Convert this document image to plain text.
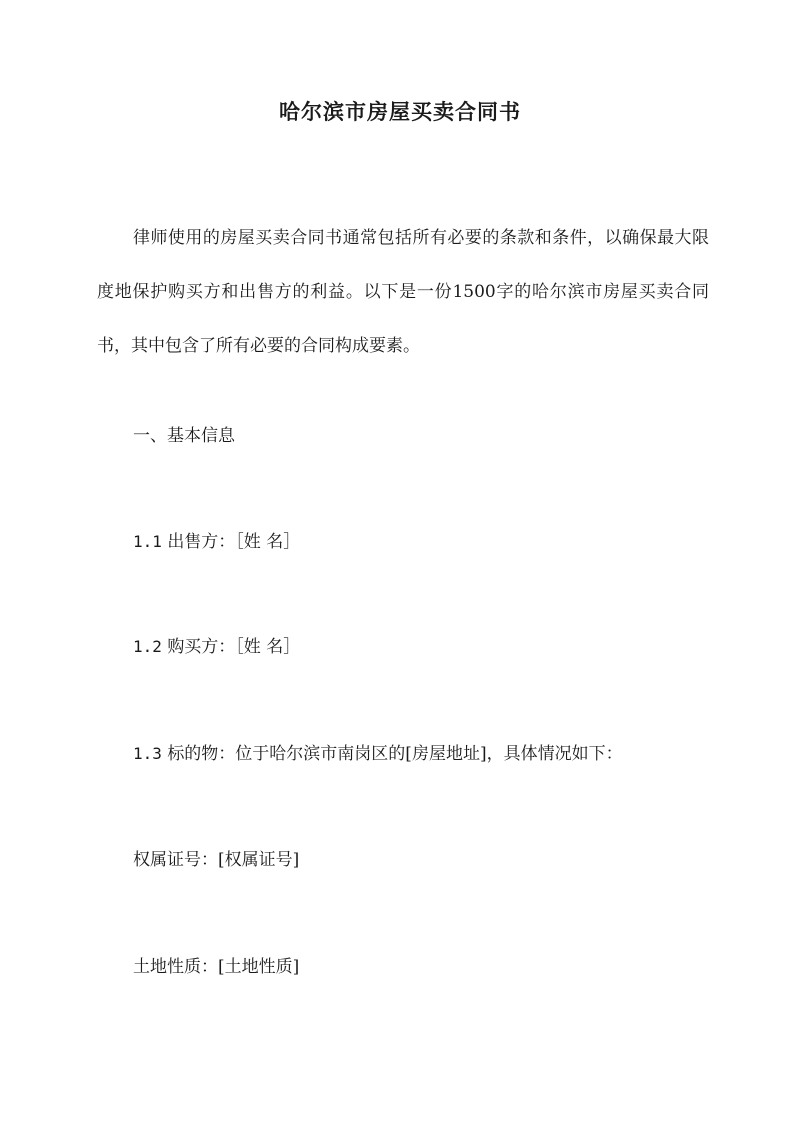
哈尔滨市房屋买卖合同书

律师使用的房屋买卖合同书通常包括所有必要的条款和条件，以确保最大限度地保护购买方和出售方的利益。以下是一份1500字的哈尔滨市房屋买卖合同书，其中包含了所有必要的合同构成要素。

一、基本信息

1.1 出售方：［姓 名］

1.2 购买方：［姓 名］

1.3 标的物：位于哈尔滨市南岗区的[房屋地址]，具体情况如下：

权属证号：[权属证号]

土地性质：[土地性质]
